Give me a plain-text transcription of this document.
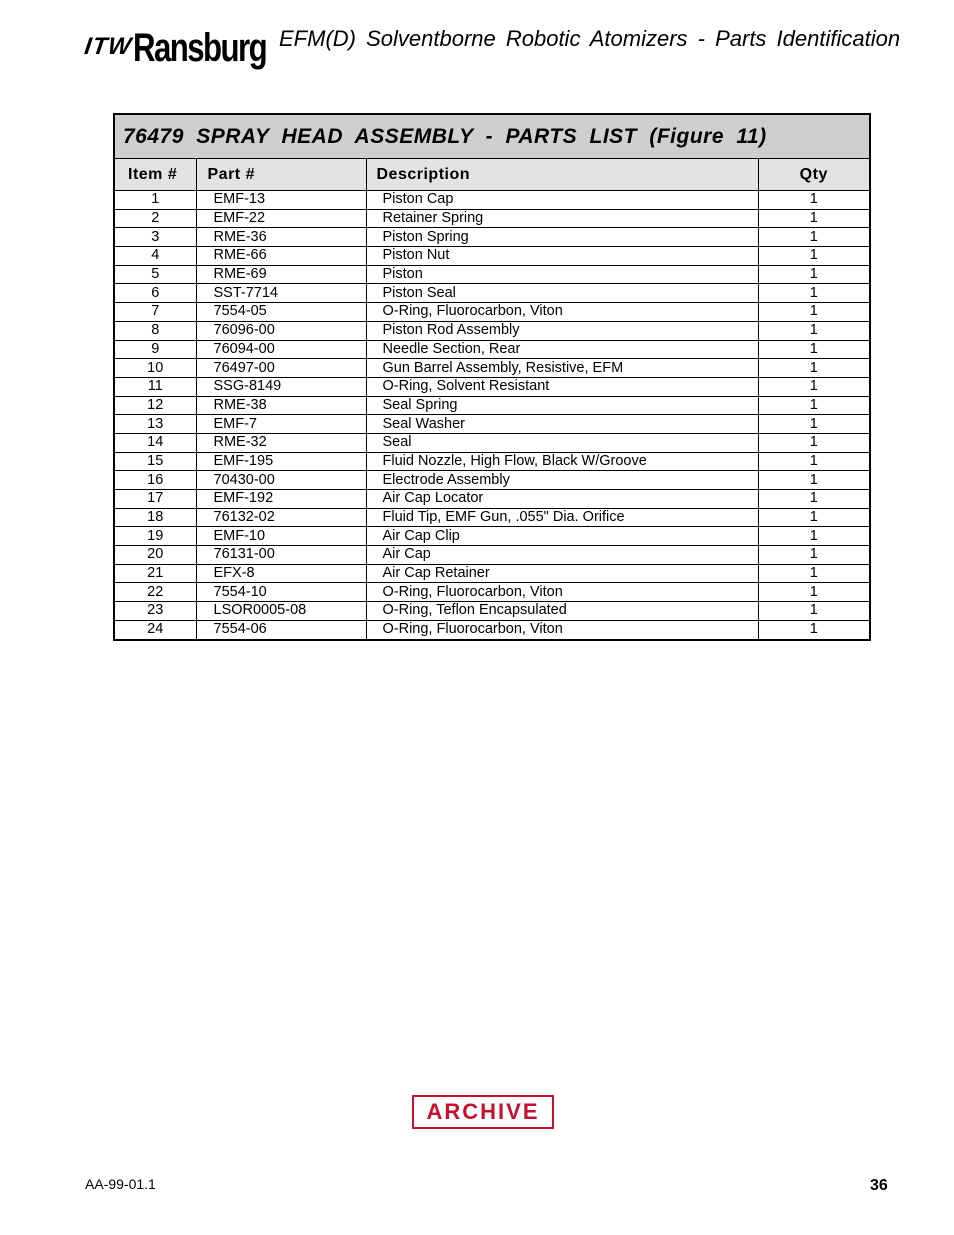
ITW Ransburg EFM(D) Solventborne Robotic Atomizers - Parts Identification
76479 SPRAY HEAD ASSEMBLY - PARTS LIST (Figure 11)			
Item #	Part #	Description	Qty
1	EMF-13	Piston Cap	1
2	EMF-22	Retainer Spring	1
3	RME-36	Piston Spring	1
4	RME-66	Piston Nut	1
5	RME-69	Piston	1
6	SST-7714	Piston Seal	1
7	7554-05	O-Ring, Fluorocarbon, Viton	1
8	76096-00	Piston Rod Assembly	1
9	76094-00	Needle Section, Rear	1
10	76497-00	Gun Barrel Assembly, Resistive, EFM	1
11	SSG-8149	O-Ring, Solvent Resistant	1
12	RME-38	Seal Spring	1
13	EMF-7	Seal Washer	1
14	RME-32	Seal	1
15	EMF-195	Fluid Nozzle, High Flow, Black W/Groove	1
16	70430-00	Electrode Assembly	1
17	EMF-192	Air Cap Locator	1
18	76132-02	Fluid Tip, EMF Gun, .055" Dia. Orifice	1
19	EMF-10	Air Cap Clip	1
20	76131-00	Air Cap	1
21	EFX-8	Air Cap Retainer	1
22	7554-10	O-Ring, Fluorocarbon, Viton	1
23	LSOR0005-08	O-Ring, Teflon Encapsulated	1
24	7554-06	O-Ring, Fluorocarbon, Viton	1
ARCHIVE
AA-99-01.1	36
